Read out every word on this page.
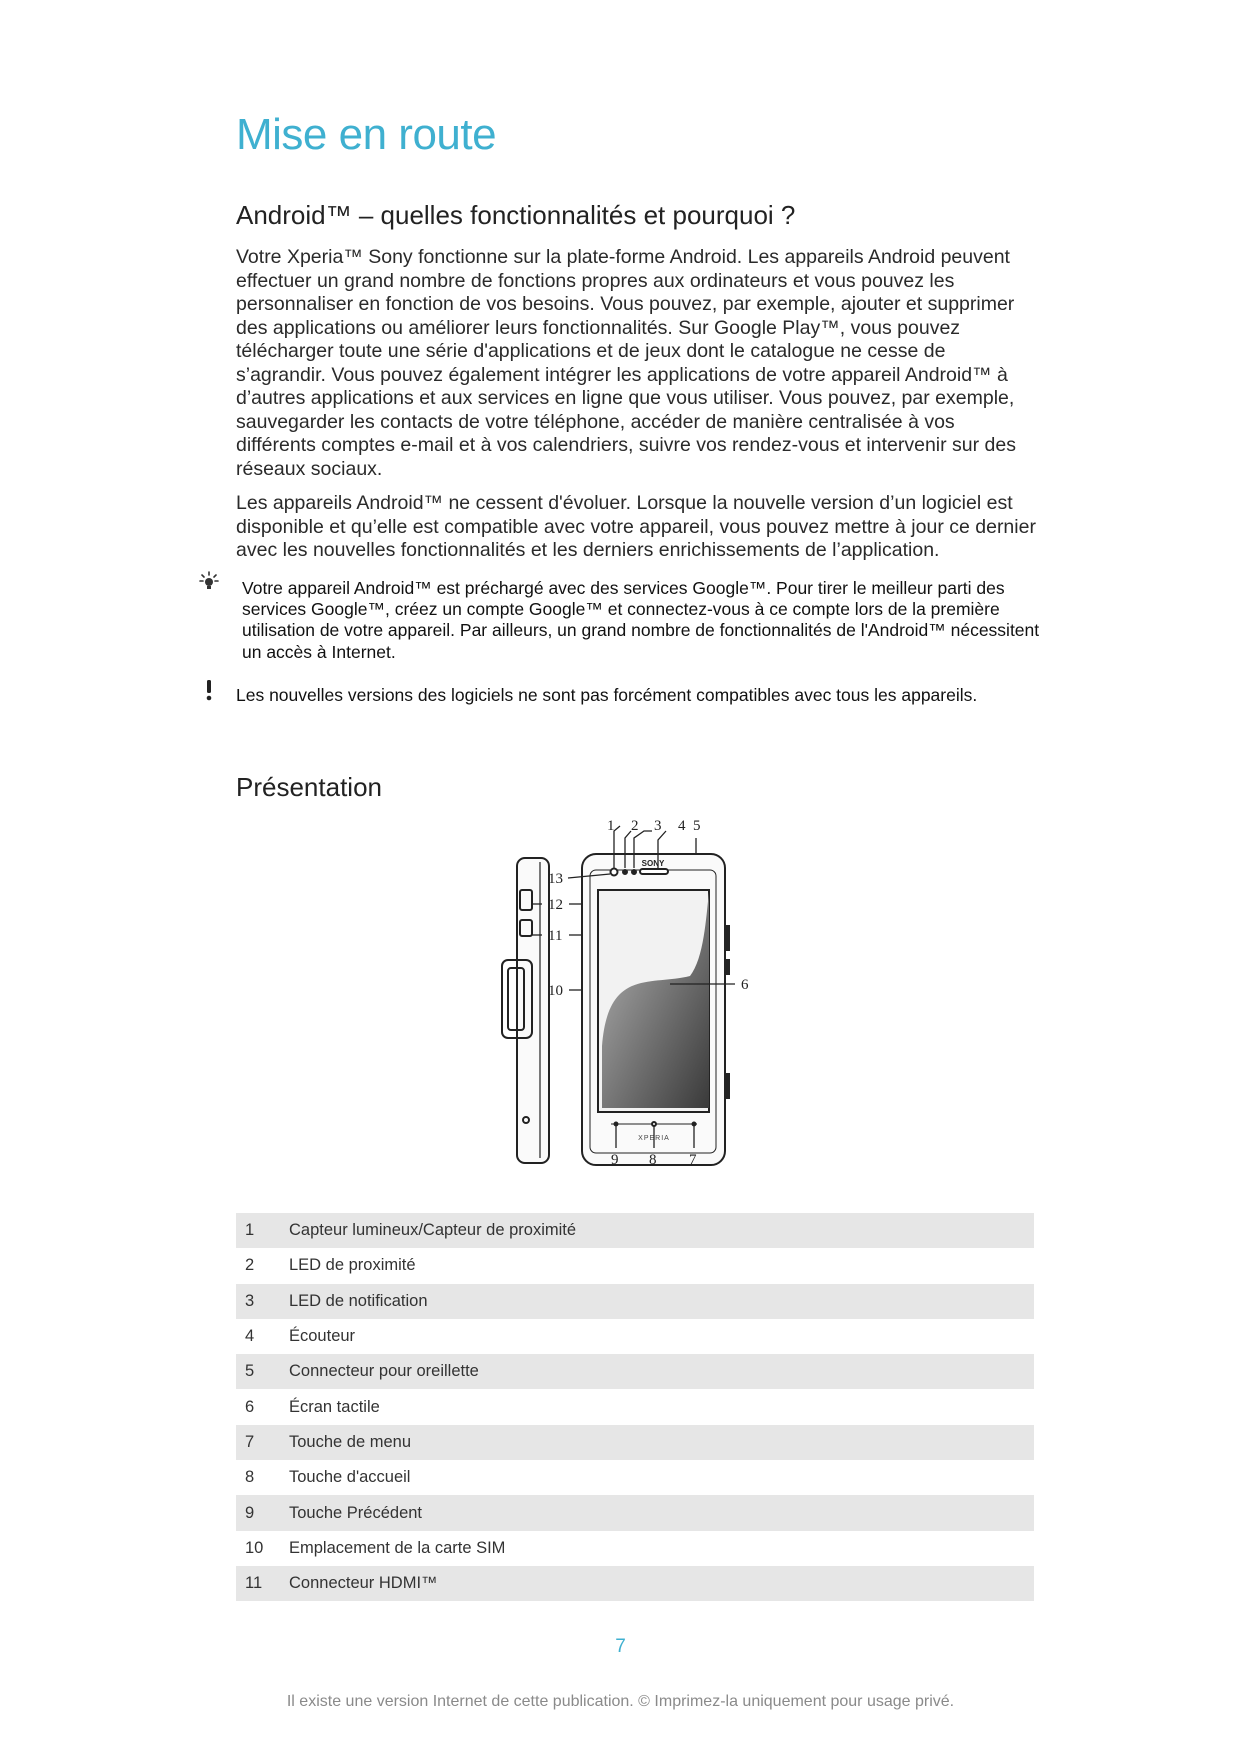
Mise en route
Android™ – quelles fonctionnalités et pourquoi ?

Votre Xperia™ Sony fonctionne sur la plate-forme Android. Les appareils Android peuvent effectuer un grand nombre de fonctions propres aux ordinateurs et vous pouvez les personnaliser en fonction de vos besoins. Vous pouvez, par exemple, ajouter et supprimer des applications ou améliorer leurs fonctionnalités. Sur Google Play™, vous pouvez télécharger toute une série d'applications et de jeux dont le catalogue ne cesse de s’agrandir. Vous pouvez également intégrer les applications de votre appareil Android™ à d’autres applications et aux services en ligne que vous utiliser. Vous pouvez, par exemple, sauvegarder les contacts de votre téléphone, accéder de manière centralisée à vos différents comptes e-mail et à vos calendriers, suivre vos rendez-vous et intervenir sur des réseaux sociaux.

Les appareils Android™ ne cessent d'évoluer. Lorsque la nouvelle version d’un logiciel est disponible et qu’elle est compatible avec votre appareil, vous pouvez mettre à jour ce dernier avec les nouvelles fonctionnalités et les derniers enrichissements de l’application.

Votre appareil Android™ est préchargé avec des services Google™. Pour tirer le meilleur parti des services Google™, créez un compte Google™ et connectez-vous à ce compte lors de la première utilisation de votre appareil. Par ailleurs, un grand nombre de fonctionnalités de l'Android™ nécessitent un accès à Internet.

Les nouvelles versions des logiciels ne sont pas forcément compatibles avec tous les appareils.

Présentation
SONY
XPERIA
1 2 3 4 5
6
7
8
9
10
11
12
13
1	Capteur lumineux/Capteur de proximité
2	LED de proximité
3	LED de notification
4	Écouteur
5	Connecteur pour oreillette
6	Écran tactile
7	Touche de menu
8	Touche d'accueil
9	Touche Précédent
10	Emplacement de la carte SIM
11	Connecteur HDMI™
7
Il existe une version Internet de cette publication. © Imprimez-la uniquement pour usage privé.
